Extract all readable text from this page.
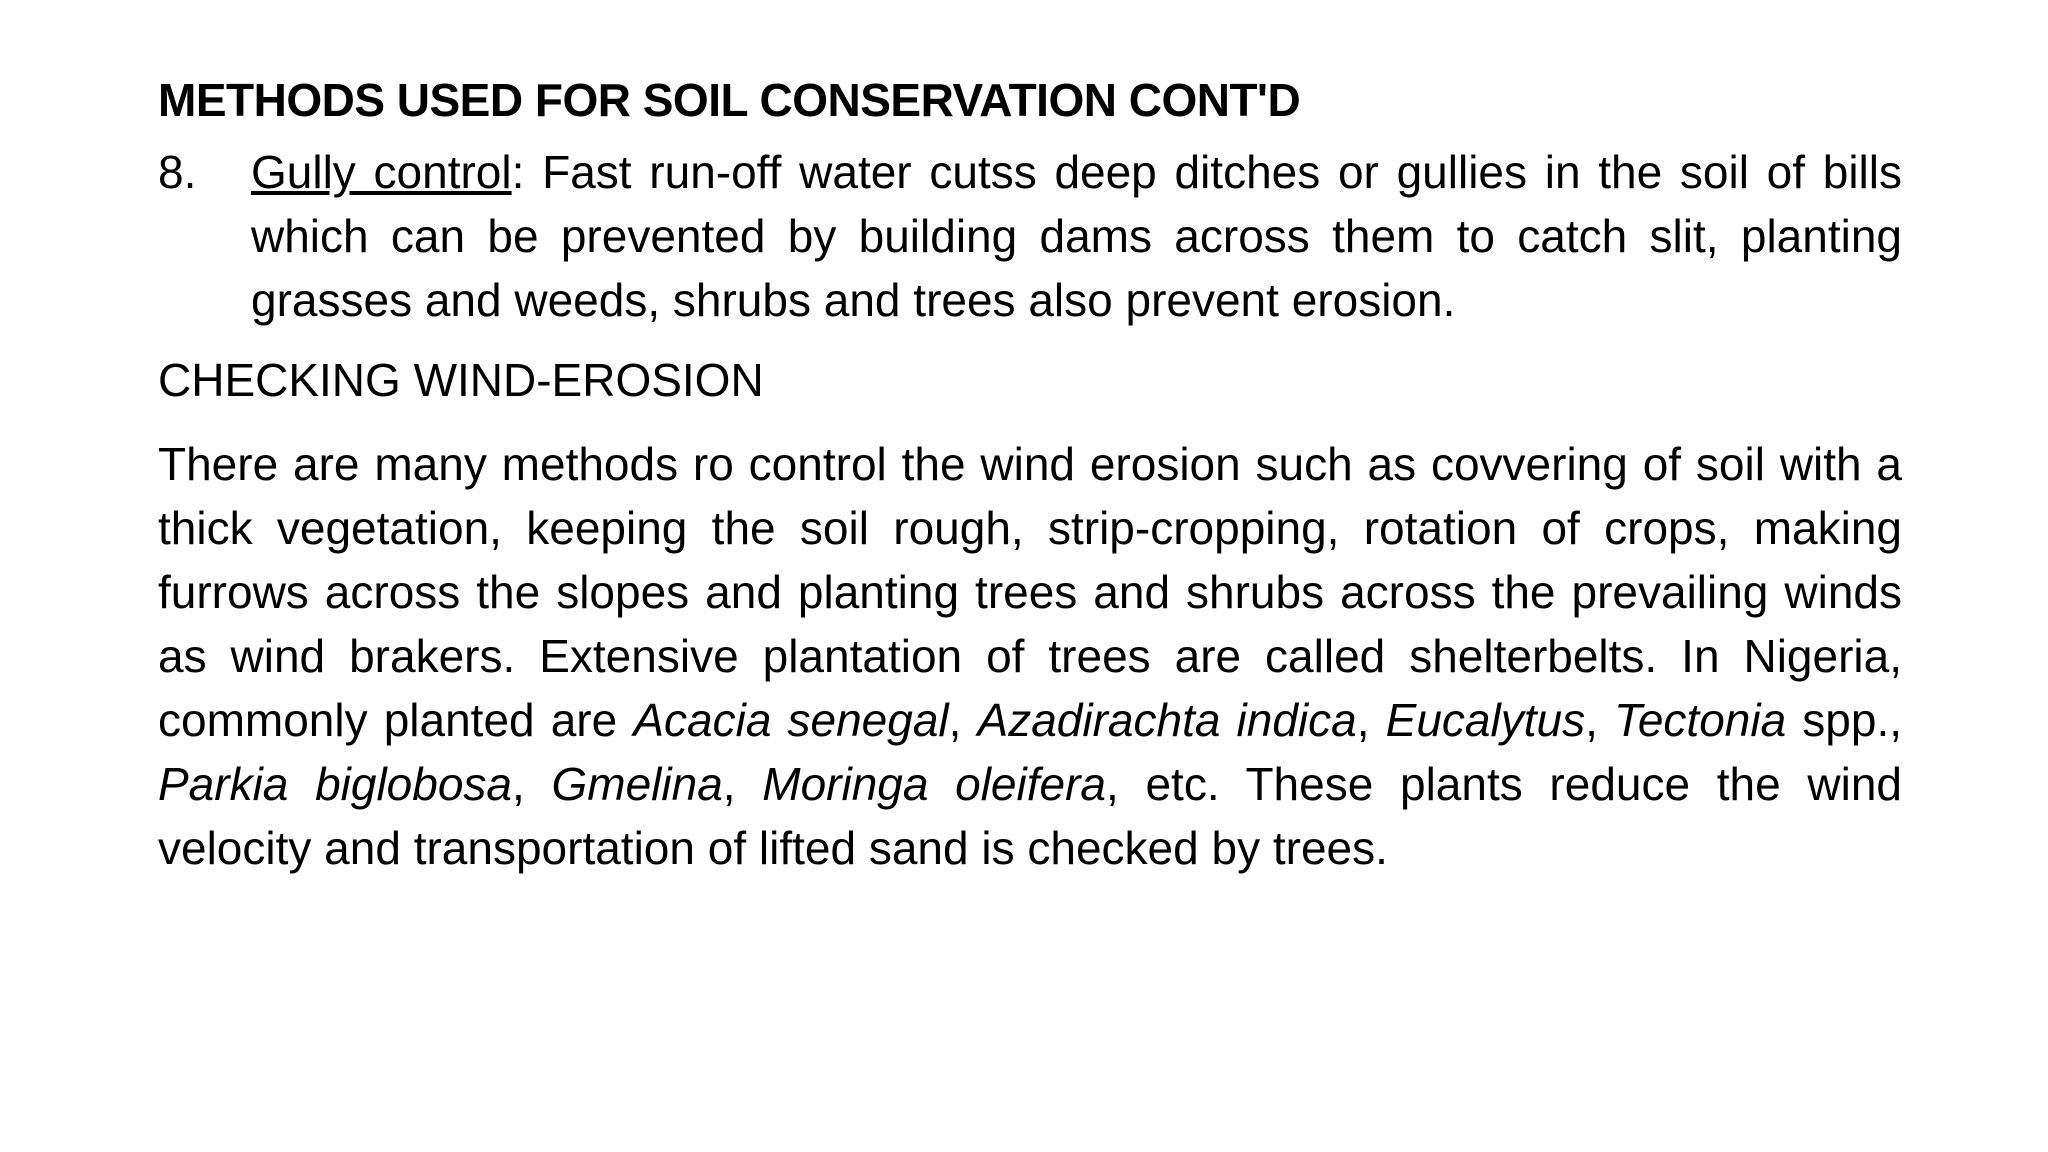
METHODS USED FOR SOIL CONSERVATION CONT'D
8.	Gully control: Fast run-off water cutss deep ditches or gullies in the soil of bills which can be prevented by building dams across them to catch slit, planting grasses and weeds, shrubs and trees also prevent erosion.
CHECKING WIND-EROSION

There are many methods ro control the wind erosion such as covvering of soil with a thick vegetation, keeping the soil rough, strip-cropping, rotation of crops, making furrows across the slopes and planting trees and shrubs across the prevailing winds as wind brakers. Extensive plantation of trees are called shelterbelts. In Nigeria, commonly planted are Acacia senegal, Azadirachta indica, Eucalytus, Tectonia spp., Parkia biglobosa, Gmelina, Moringa oleifera, etc. These plants reduce the wind velocity and transportation of lifted sand is checked by trees.
